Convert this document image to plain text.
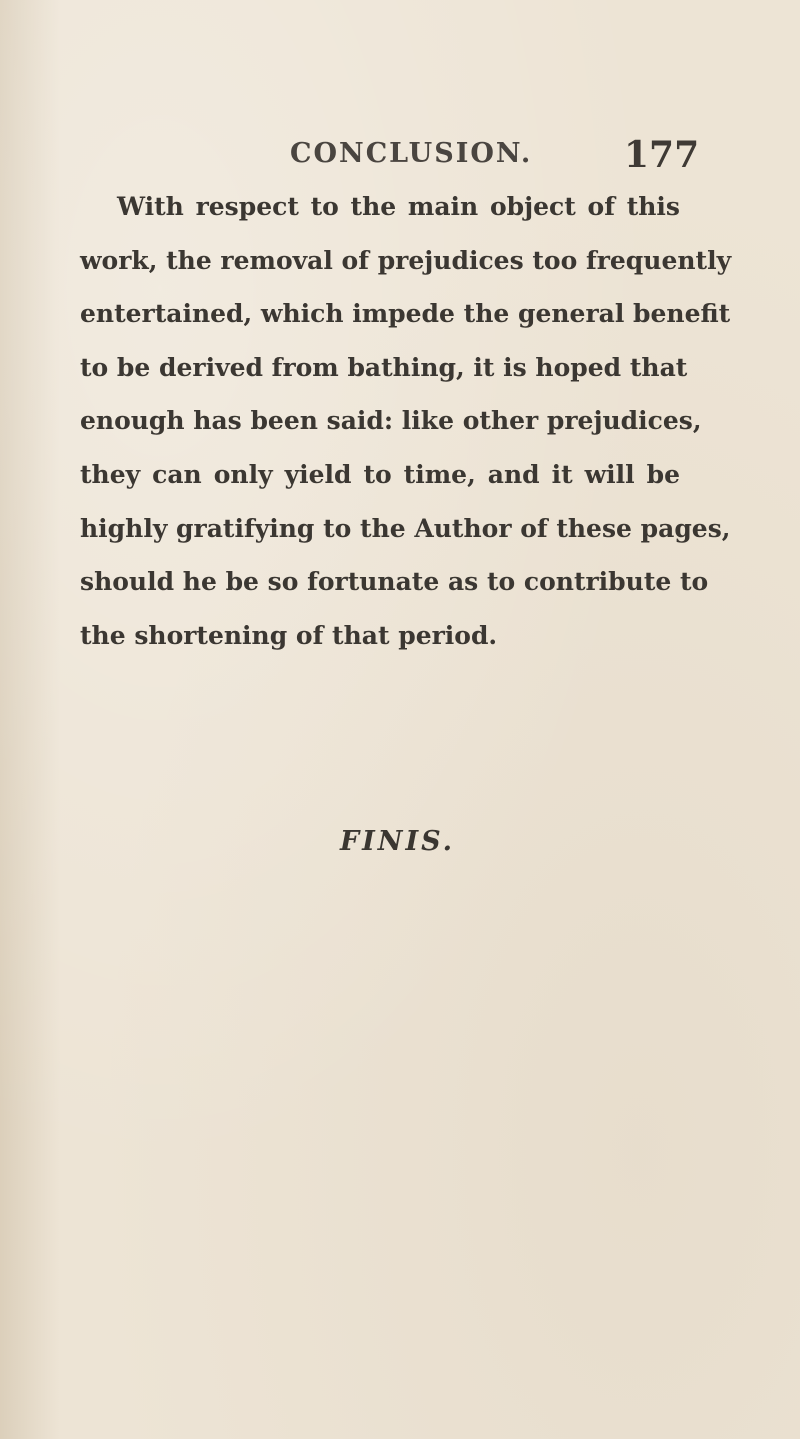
CONCLUSION.	177
With respect to the main object of this
work, the removal of prejudices too frequently
entertained, which impede the general benefit
to be derived from bathing, it is hoped that
enough has been said: like other prejudices,
they can only yield to time, and it will be
highly gratifying to the Author of these pages,
should he be so fortunate as to contribute to
the shortening of that period.
FINIS.
